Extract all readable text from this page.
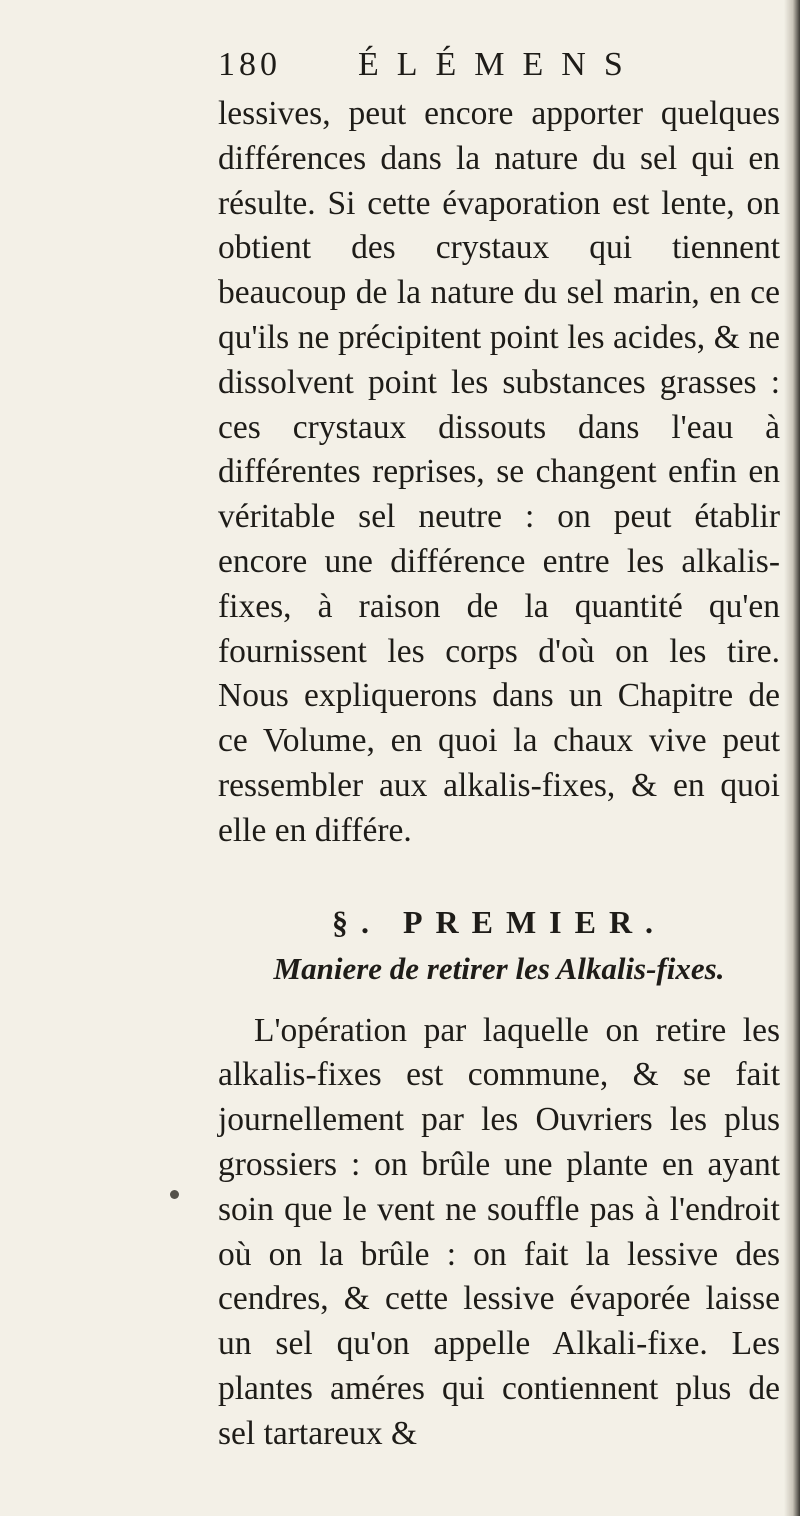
180 ÉLÉMENS

lessives, peut encore apporter quelques différences dans la nature du sel qui en résulte. Si cette évaporation est lente, on obtient des crystaux qui tiennent beaucoup de la nature du sel marin, en ce qu'ils ne précipitent point les acides, & ne dissolvent point les substances grasses : ces crystaux dissouts dans l'eau à différentes reprises, se changent enfin en véritable sel neutre : on peut établir encore une différence entre les alkalis-fixes, à raison de la quantité qu'en fournissent les corps d'où on les tire. Nous expliquerons dans un Chapitre de ce Volume, en quoi la chaux vive peut ressembler aux alkalis-fixes, & en quoi elle en différe.

§. PREMIER.
Maniere de retirer les Alkalis-fixes.

L'opération par laquelle on retire les alkalis-fixes est commune, & se fait journellement par les Ouvriers les plus grossiers : on brûle une plante en ayant soin que le vent ne souffle pas à l'endroit où on la brûle : on fait la lessive des cendres, & cette lessive évaporée laisse un sel qu'on appelle Alkali-fixe. Les plantes améres qui contiennent plus de sel tartareux &
